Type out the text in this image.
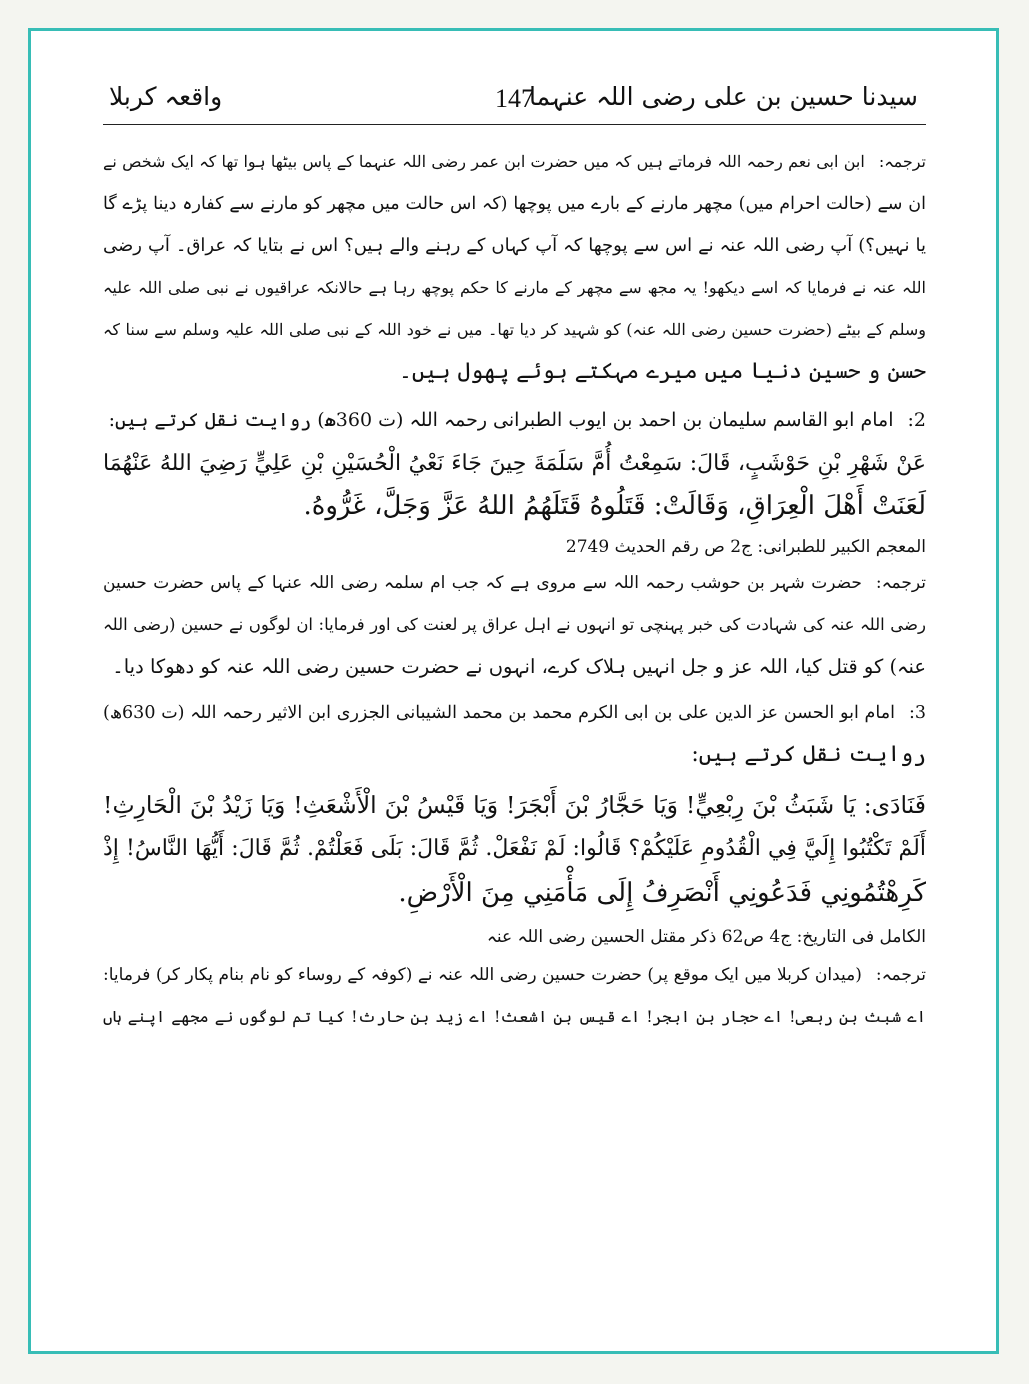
سیدنا حسین بن علی رضی اللہ عنہما
147
واقعہ کربلا
ترجمہ:ابن ابی نعم رحمہ اللہ فرماتے ہیں کہ میں حضرت ابن عمر رضی اللہ عنہما کے پاس بیٹھا ہوا تھا کہ ایک شخص نے
ان سے (حالت احرام میں) مچھر مارنے کے بارے میں پوچھا (کہ اس حالت میں مچھر کو مارنے سے کفارہ دینا پڑے گا
یا نہیں؟) آپ رضی اللہ عنہ نے اس سے پوچھا کہ آپ کہاں کے رہنے والے ہیں؟ اس نے بتایا کہ عراق۔ آپ رضی
اللہ عنہ نے فرمایا کہ اسے دیکھو! یہ مجھ سے مچھر کے مارنے کا حکم پوچھ رہا ہے حالانکہ عراقیوں نے نبی صلی اللہ علیہ
وسلم کے بیٹے (حضرت حسین رضی اللہ عنہ) کو شہید کر دیا تھا۔ میں نے خود اللہ کے نبی صلی اللہ علیہ وسلم سے سنا کہ
حسن و حسین دنیا میں میرے مہکتے ہوئے پھول ہیں۔
2:امام ابو القاسم سلیمان بن احمد بن ایوب الطبرانی رحمہ اللہ (ت 360ھ) روایت نقل کرتے ہیں:
عَنْ شَهْرِ بْنِ حَوْشَبٍ، قَالَ: سَمِعْتُ أُمَّ سَلَمَةَ حِينَ جَاءَ نَعْيُ الْحُسَيْنِ بْنِ عَلِيٍّ رَضِيَ اللهُ عَنْهُمَا
لَعَنَتْ أَهْلَ الْعِرَاقِ، وَقَالَتْ: قَتَلُوهُ قَتَلَهُمُ اللهُ عَزَّ وَجَلَّ، غَرُّوهُ.
المعجم الکبیر للطبرانی: ج2 ص رقم الحدیث 2749
ترجمہ:حضرت شہر بن حوشب رحمہ اللہ سے مروی ہے کہ جب ام سلمہ رضی اللہ عنہا کے پاس حضرت حسین
رضی اللہ عنہ کی شہادت کی خبر پہنچی تو انہوں نے اہل عراق پر لعنت کی اور فرمایا: ان لوگوں نے حسین (رضی اللہ
عنہ) کو قتل کیا، اللہ عز و جل انہیں ہلاک کرے، انہوں نے حضرت حسین رضی اللہ عنہ کو دھوکا دیا۔
3:امام ابو الحسن عز الدین علی بن ابی الکرم محمد بن محمد الشیبانی الجزری ابن الاثیر رحمہ اللہ (ت 630ھ)
روایت نقل کرتے ہیں:
فَنَادَى: يَا شَبَثُ بْنَ رِبْعِيٍّ! وَيَا حَجَّارُ بْنَ أَبْجَرَ! وَيَا قَيْسُ بْنَ الْأَشْعَثِ! وَيَا زَيْدُ بْنَ الْحَارِثِ!
أَلَمْ تَكْتُبُوا إِلَيَّ فِي الْقُدُومِ عَلَيْكُمْ؟ قَالُوا: لَمْ نَفْعَلْ. ثُمَّ قَالَ: بَلَى فَعَلْتُمْ. ثُمَّ قَالَ: أَيُّهَا النَّاسُ! إِذْ
كَرِهْتُمُونِي فَدَعُونِي أَنْصَرِفُ إِلَى مَأْمَنِي مِنَ الْأَرْضِ.
الکامل فی التاریخ: ج4 ص62 ذکر مقتل الحسین رضی اللہ عنہ
ترجمہ:(میدان کربلا میں ایک موقع پر) حضرت حسین رضی اللہ عنہ نے (کوفہ کے روساء کو نام بنام پکار کر) فرمایا:
اے شبث بن ربعی! اے حجار بن ابجر! اے قیس بن اشعث! اے زید بن حارث! کیا تم لوگوں نے مجھے اپنے ہاں
